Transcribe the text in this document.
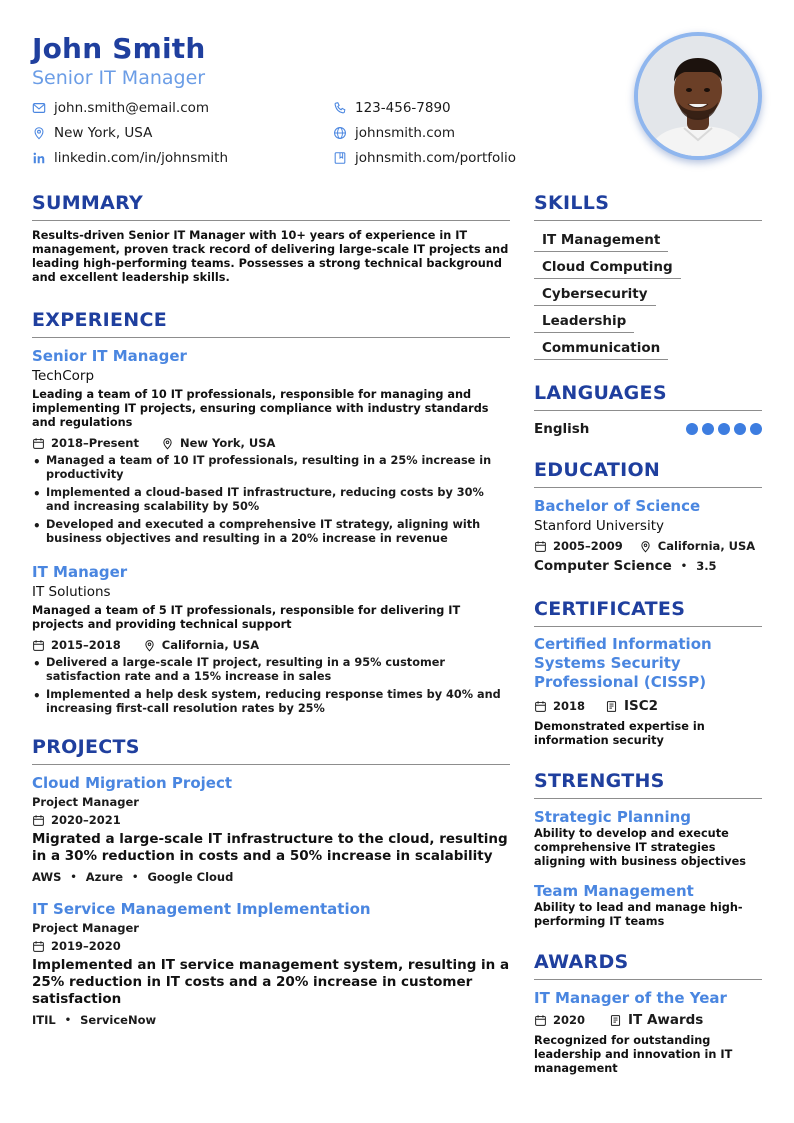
John Smith
Senior IT Manager
john.smith@email.com	123-456-7890
New York, USA	johnsmith.com
linkedin.com/in/johnsmith	johnsmith.com/portfolio
SUMMARY
Results-driven Senior IT Manager with 10+ years of experience in IT management, proven track record of delivering large-scale IT projects and leading high-performing teams. Possesses a strong technical background and excellent leadership skills.
EXPERIENCE
Senior IT Manager
TechCorp
Leading a team of 10 IT professionals, responsible for managing and implementing IT projects, ensuring compliance with industry standards and regulations
2018–Present	New York, USA
• Managed a team of 10 IT professionals, resulting in a 25% increase in productivity
• Implemented a cloud-based IT infrastructure, reducing costs by 30% and increasing scalability by 50%
• Developed and executed a comprehensive IT strategy, aligning with business objectives and resulting in a 20% increase in revenue
IT Manager
IT Solutions
Managed a team of 5 IT professionals, responsible for delivering IT projects and providing technical support
2015–2018	California, USA
• Delivered a large-scale IT project, resulting in a 95% customer satisfaction rate and a 15% increase in sales
• Implemented a help desk system, reducing response times by 40% and increasing first-call resolution rates by 25%
PROJECTS
Cloud Migration Project
Project Manager
2020–2021
Migrated a large-scale IT infrastructure to the cloud, resulting in a 30% reduction in costs and a 50% increase in scalability
AWS • Azure • Google Cloud
IT Service Management Implementation
Project Manager
2019–2020
Implemented an IT service management system, resulting in a 25% reduction in IT costs and a 20% increase in customer satisfaction
ITIL • ServiceNow
SKILLS
IT Management
Cloud Computing
Cybersecurity
Leadership
Communication
LANGUAGES
English
EDUCATION
Bachelor of Science
Stanford University
2005–2009	California, USA
Computer Science • 3.5
CERTIFICATES
Certified Information Systems Security Professional (CISSP)
2018	ISC2
Demonstrated expertise in information security
STRENGTHS
Strategic Planning
Ability to develop and execute comprehensive IT strategies aligning with business objectives
Team Management
Ability to lead and manage high-performing IT teams
AWARDS
IT Manager of the Year
2020	IT Awards
Recognized for outstanding leadership and innovation in IT management
